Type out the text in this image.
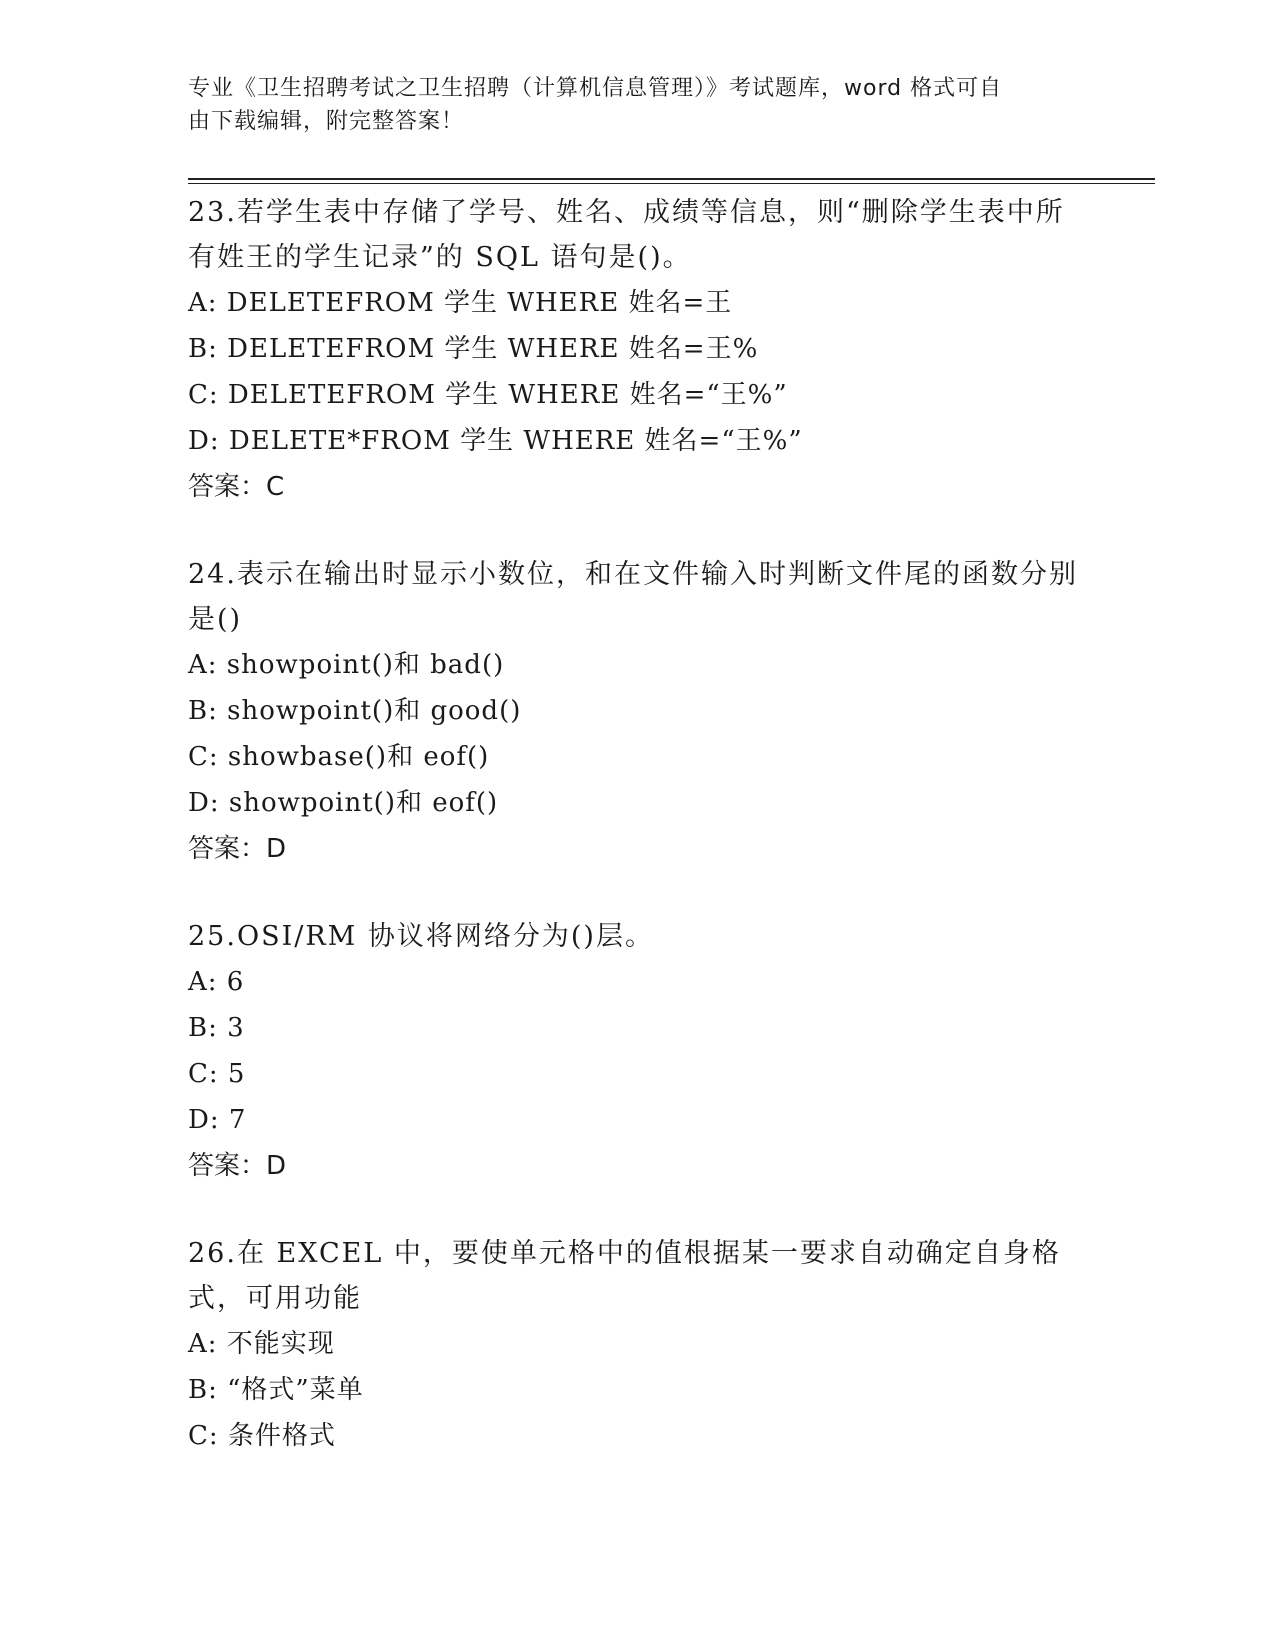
专业《卫生招聘考试之卫生招聘（计算机信息管理）》考试题库，word 格式可自
由下载编辑，附完整答案！

23.若学生表中存储了学号、姓名、成绩等信息，则“删除学生表中所有姓王的学生记录”的 SQL 语句是()。

A: DELETEFROM 学生 WHERE 姓名=王

B: DELETEFROM 学生 WHERE 姓名=王%

C: DELETEFROM 学生 WHERE 姓名=“王%”

D: DELETE*FROM 学生 WHERE 姓名=“王%”

答案：C

24.表示在输出时显示小数位，和在文件输入时判断文件尾的函数分别是()

A: showpoint()和 bad()

B: showpoint()和 good()

C: showbase()和 eof()

D: showpoint()和 eof()

答案：D

25.OSI/RM 协议将网络分为()层。

A: 6

B: 3

C: 5

D: 7

答案：D

26.在 EXCEL 中，要使单元格中的值根据某一要求自动确定自身格式，可用功能

A: 不能实现

B: “格式”菜单

C: 条件格式
